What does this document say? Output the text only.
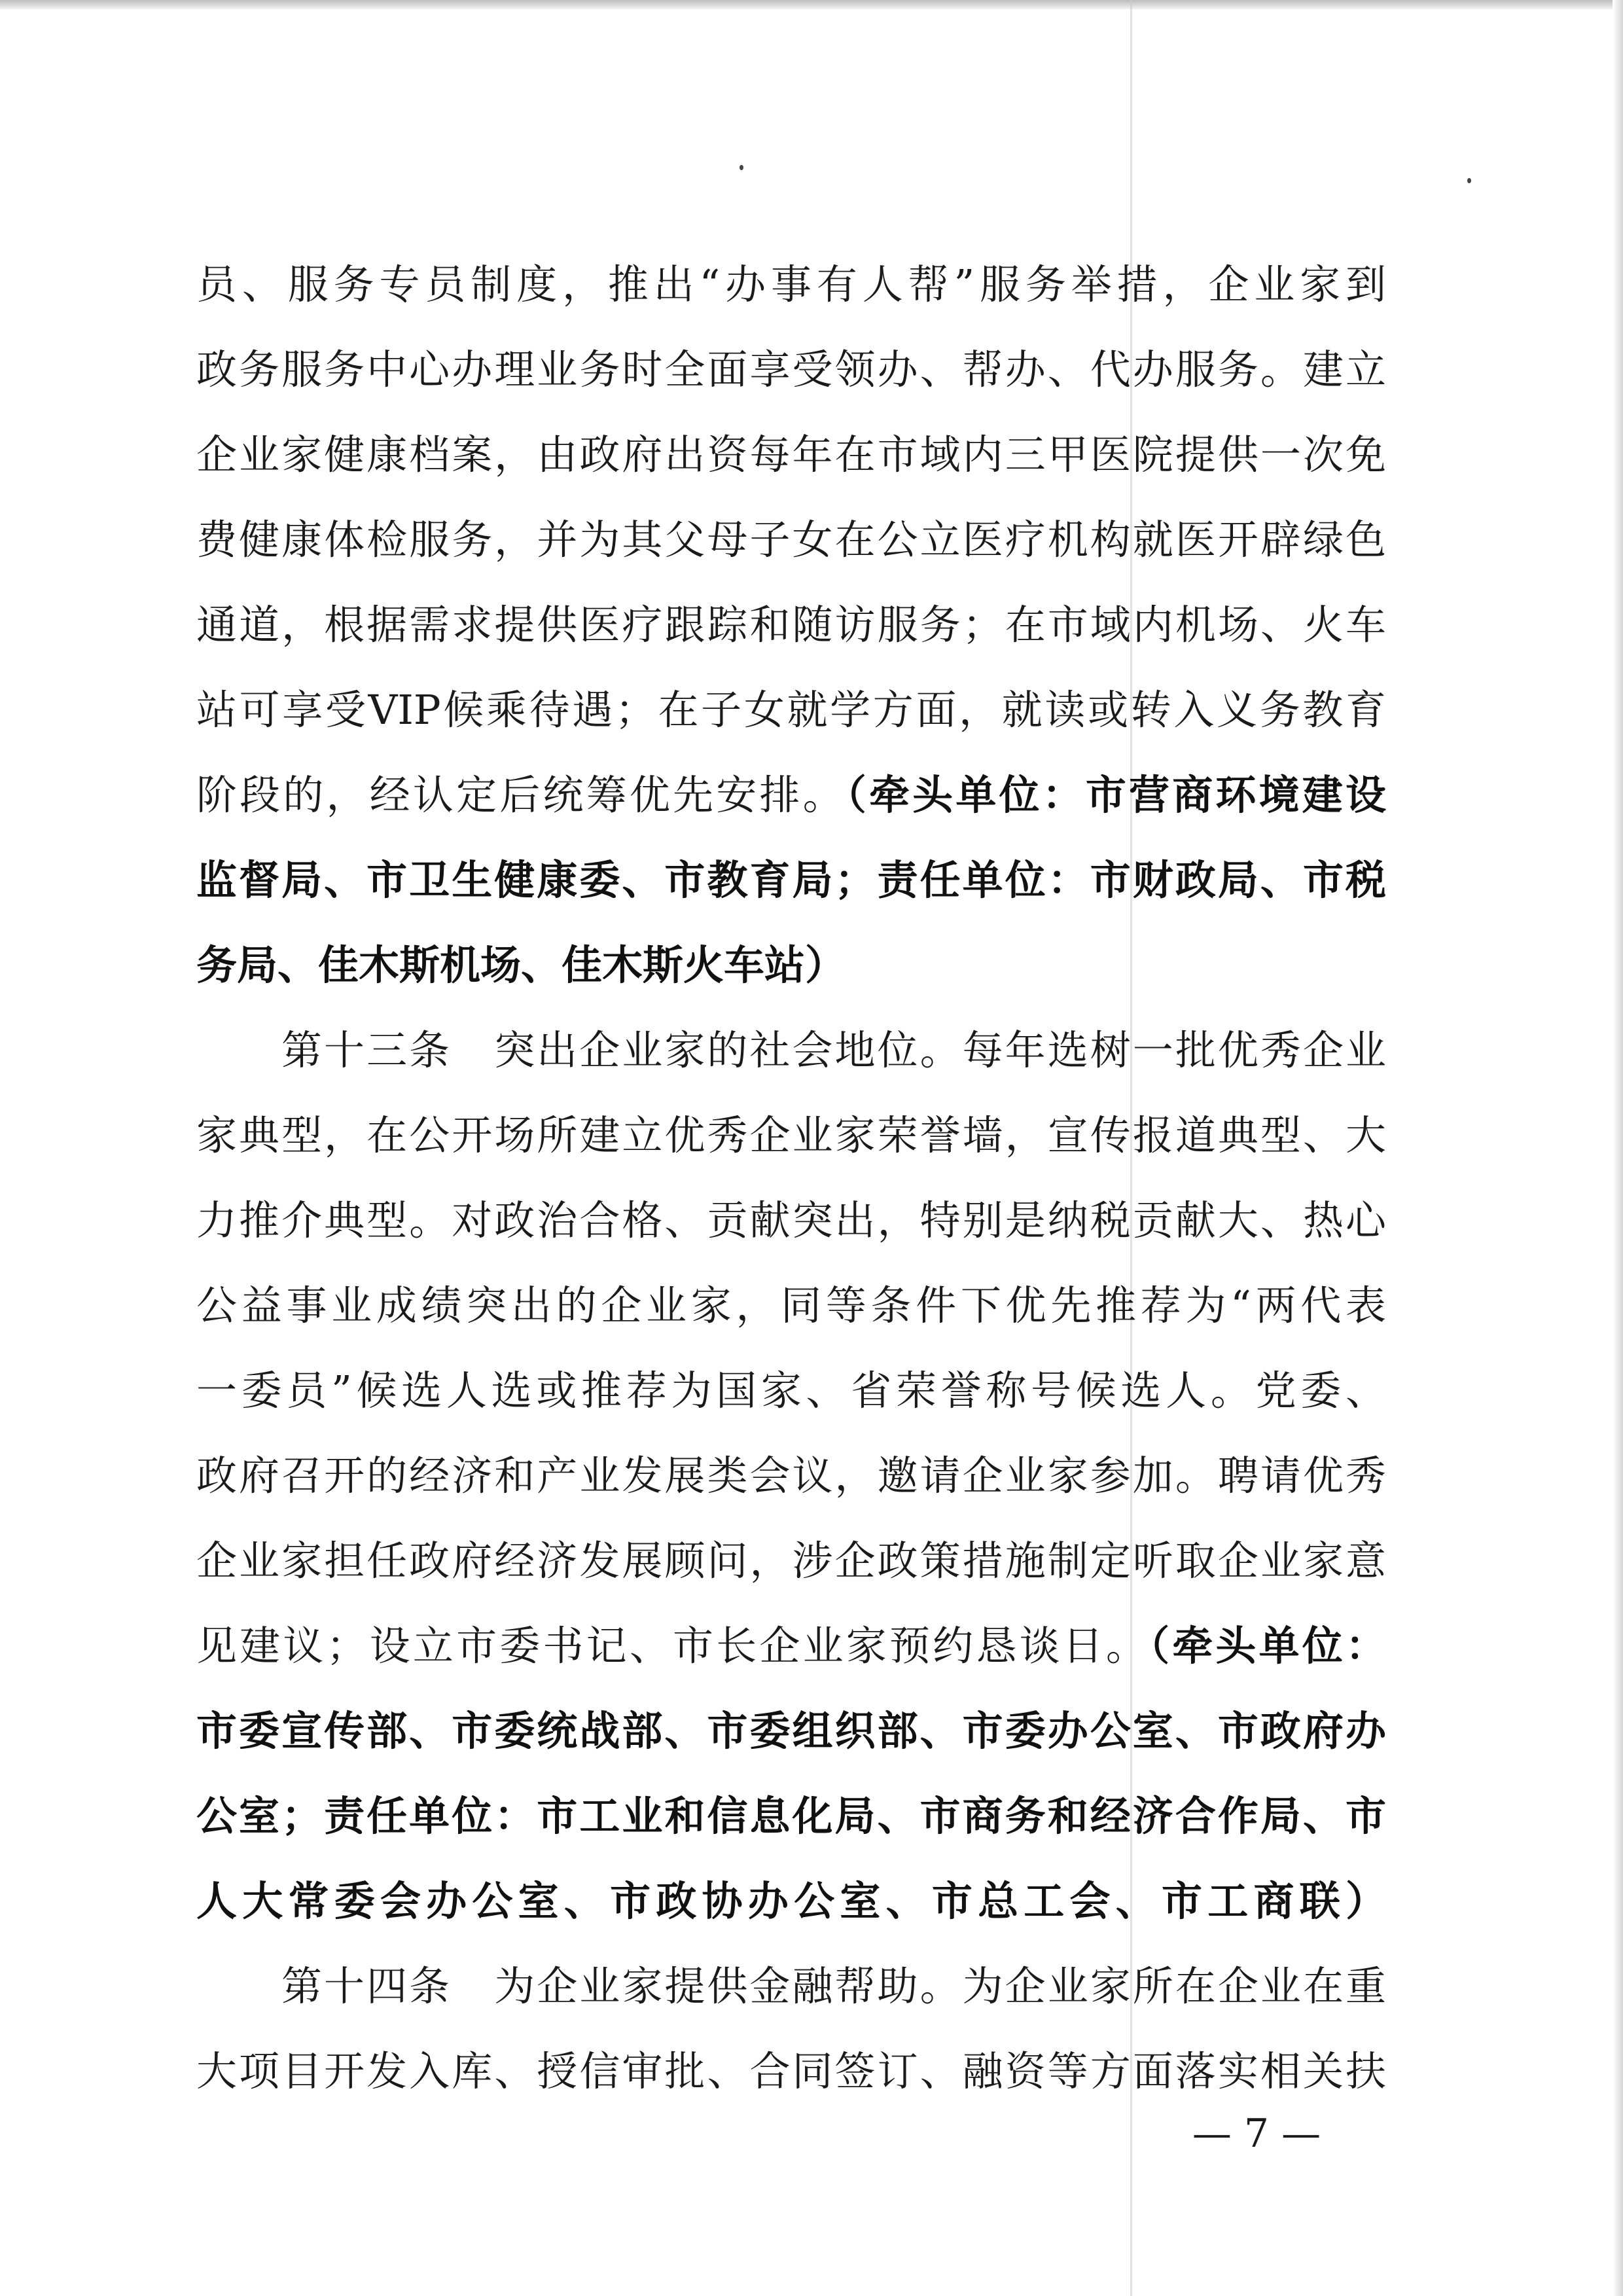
员、服务专员制度，推出“办事有人帮”服务举措，企业家到
政务服务中心办理业务时全面享受领办、帮办、代办服务。建立
企业家健康档案，由政府出资每年在市域内三甲医院提供一次免
费健康体检服务，并为其父母子女在公立医疗机构就医开辟绿色
通道，根据需求提供医疗跟踪和随访服务；在市域内机场、火车
站可享受VIP候乘待遇；在子女就学方面，就读或转入义务教育
阶段的，经认定后统筹优先安排。（牵头单位：市营商环境建设
监督局、市卫生健康委、市教育局；责任单位：市财政局、市税
务局、佳木斯机场、佳木斯火车站）
第十三条　突出企业家的社会地位。每年选树一批优秀企业
家典型，在公开场所建立优秀企业家荣誉墙，宣传报道典型、大
力推介典型。对政治合格、贡献突出，特别是纳税贡献大、热心
公益事业成绩突出的企业家，同等条件下优先推荐为“两代表
一委员”候选人选或推荐为国家、省荣誉称号候选人。党委、
政府召开的经济和产业发展类会议，邀请企业家参加。聘请优秀
企业家担任政府经济发展顾问，涉企政策措施制定听取企业家意
见建议；设立市委书记、市长企业家预约恳谈日。（牵头单位：
市委宣传部、市委统战部、市委组织部、市委办公室、市政府办
公室；责任单位：市工业和信息化局、市商务和经济合作局、市
人大常委会办公室、市政协办公室、市总工会、市工商联）
第十四条　为企业家提供金融帮助。为企业家所在企业在重
大项目开发入库、授信审批、合同签订、融资等方面落实相关扶
— 7 —
